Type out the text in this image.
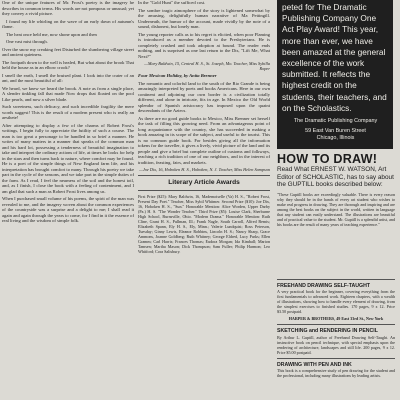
One of the unique features of Mr. Frost's poetry is the imagery he describes in common terms. His words are not pompous or unusual; yet they convey a vivid picture.

I found my life whirling on the wave of an early dawn of autumn's flame.

The heat once held me, now shone upon and then

One vast mist through.

Over the snow my creaking feet Disturbed the slumbering village street and ancient quietness.

The footpath down to the well is healed, But what about the brook That held the house as in an elbow crook?

I smell the earth, I smell the bruised plant. I look into the crater of an ant, and the most beautiful of all:

We heard, we knew we heard the brook. A note as from a single place, A slender tinkling fall that made Now drops that floated on the pool Like pearls, and now a silver blade.

Such sweetness, such delicacy, and such incredible fragility the mere words suggest! This is the result of a modern present who is really an aesthete!

After attempting to display a few of the charms of Robert Frost's writings, I begin fully to appreciate the futility of such a course. The man is too great a personage to be handled in so brief a manner. He writes of many matters in a manner that speaks of the common man and his hard lot, possessing a tenderness of beautiful imagination to take and interpret the ordinary actions of life, at times he looks for help in the stars and then turns back to nature, where comfort may be found. He is a poet of the simple things of New England farm life, and his interpretation has brought comfort to many. Through his poetry we take part in the cycle of the seasons, and we take part in the simple duties of the farm. As I read, I feel the nearness of the soil and the honest toil, and, as I finish, I close the book with a feeling of contentment, and I am glad that such a man as Robert Frost lives among us.

When I purchased small volume of his poems, the spirit of the man was revealed to me, and the imagery woven about the common experiences of the countryside was a surprise and a delight to me; I shall read it again and again through the years to come, for I find in it the essence of real living and the wisdom of simple folk.

In the "Gold Hunt" the sufficed cost.

The sombre tragic atmosphere of the story is lightened somewhat by the amusing, delightfully human narrative of Ma Pettingill. Underneath, the humor of the account, made vividly by the note of a sound, dishonest, but lonely man.

The young reporter calls as to his regret is elicited, when poor Flaming is introduced as a member devoted to the Presbyterians. He is completely crushed and took adoption at bound. The reader ends nothing, and is surprised as one last return to the Dis, "Lift Me, What Next?"

—Mary Baldwin, 15, Central H. S., St. Joseph, Mo. Teacher, Miss Sybilla Roper

Four Mexican Holiday, by Anita Brenner

The romantic and colorful land to the south of the Rio Grande is being amazingly interpreted by poets and books Americans. Here in our own continent and adjoining our own border is a civilization totally different, and alone in intricate, fits in age. In Mexico the Old World splendor of Spanish aristocracy has imposed upon the quaint descendants of the Aztecs.

As there are no good guide books to Mexico, Miss Brenner set herself the task of filling this growing need. From an advantageous point of long acquaintance with the country, she has succeeded in making a book amazing in its scope of the subject, and useful to the tourist. This is no common guide book. For besides giving all the information tokens for the traveller, it gives a lively, vivid picture of the land and its people and give a brief but complete outline of customs and folkways, teaching a rich tradition of one of our neighbors, and in the interest of tradition, feasting, fairs, and markets.

—Joe Dix, 16, Hoboken H. S., Hoboken, N. J. Teacher, Miss Helen Sampson

Literary Article Awards

First Prize ($25): Mary Baldwin, 16, Mademoiselle (Va) H. S., "Robert Frost, Present Day Poet." Teacher, Miss Sybil Whitmer. Second Prize ($10): Joe Dix, 16, Hoboken H. S., "Sun." Honorable Mention: Alice Worden, Upper Darby (Pa.) H. S. "The Wonder Teacher." Third Prize ($5): Louise Clark, Sherburne High School, Burnsville, Ohio. "Modern Drama." Honorable Mention: Ruth Cline, Grant H. S., Pullman, Ill.; Frank Nagle, South Carroll, Alfred Bemis; Elizabeth Spann, Ely H. S., Ely, Minn.; Valerie Lundquist; Ross Peterson, Tuesday; Ginny Lewis, Eleanor Robbins, Lincoln H. S.; Nancy Sharp, Grace Ammons, Joanne Goldberg; Ruth Whitney; George Eldred, Lucy Parks; Ellen Gramm; Carl Harris; Frances Thomas; Eudora Morgan; Ida Kimball; Marion Tamsen; Martha Mason; Dick Thompson; Sam Fuller; Philip Harmon; Leo Whitford; Cora Salisbury.

peted for The Dramatic Publishing Company One Act Play Award! This year, more than ever, we have been amazed at the general excellence of the work submitted. It reflects the highest credit on the students, their teachers, and on the Scholastics.

The Dramatic Publishing Company

59 East Van Buren Street

Chicago, Illinois

HOW TO DRAW!

Read What ERNEST W. WATSON, Art Editor of SCHOLASTIC, has to say about the GUPTILL books described below:

"These Guptill books are exceedingly valuable. There is every reason why they should be in the hands of every art student who wishes to make real progress in drawing. They are thorough and inspiring and are among the best books on the subject in the world, written in language that any student can easily understand. The illustrations are beautiful and of practical value to the student. Mr. Guptill is a splendid artist, and his books are the result of many years of teaching experience."

FREEHAND DRAWING SELF-TAUGHT

A very practical book for the beginner, covering everything from the first fundamentals to advanced work. Eighteen chapters, with a wealth of illustrations, showing how to handle every element of drawing, from the simplest exercises to finished studies. 170 pages, 9 x 12. Price $3.50 postpaid.

HARPER & BROTHERS, 49 East 33rd St., New York

SKETCHING and RENDERING IN PENCIL

By Arthur L. Guptill, author of Freehand Drawing Self-Taught. An instructive book on pencil technique, with special emphasis upon the rendering of architecture, landscapes and still life. 200 pages, 9 x 12. Price $5.00 postpaid.

DRAWING WITH PEN AND INK

This book is a comprehensive study of pen drawing for the student and the professional, including many illustrations by leading artists.
